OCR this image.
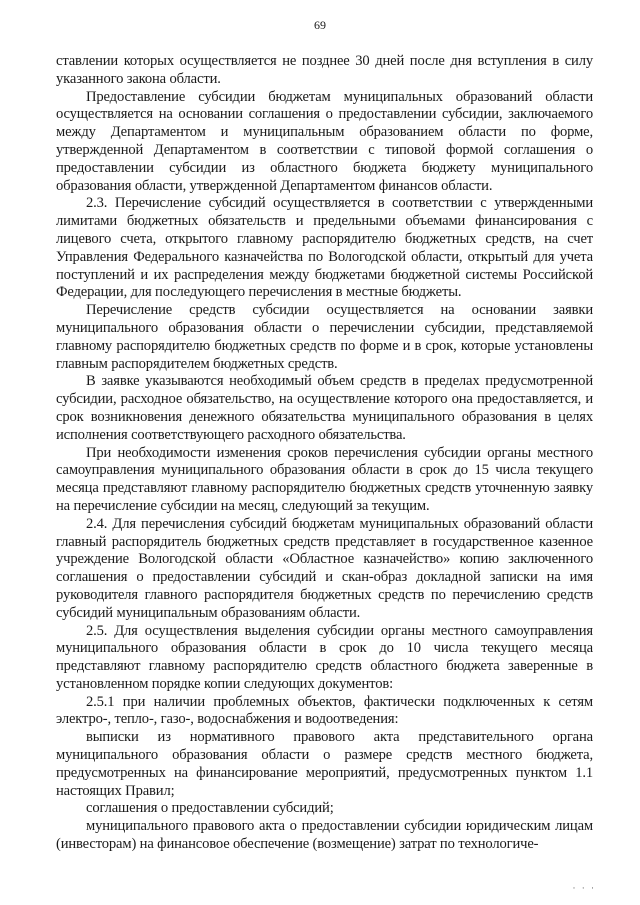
69

ставлении которых осуществляется не позднее 30 дней после дня вступления в силу указанного закона области.

Предоставление субсидии бюджетам муниципальных образований области осуществляется на основании соглашения о предоставлении субсидии, заключаемого между Департаментом и муниципальным образованием области по форме, утвержденной Департаментом в соответствии с типовой формой соглашения о предоставлении субсидии из областного бюджета бюджету муниципального образования области, утвержденной Департаментом финансов области.

2.3. Перечисление субсидий осуществляется в соответствии с утвержденными лимитами бюджетных обязательств и предельными объемами финансирования с лицевого счета, открытого главному распорядителю бюджетных средств, на счет Управления Федерального казначейства по Вологодской области, открытый для учета поступлений и их распределения между бюджетами бюджетной системы Российской Федерации, для последующего перечисления в местные бюджеты.

Перечисление средств субсидии осуществляется на основании заявки муниципального образования области о перечислении субсидии, представляемой главному распорядителю бюджетных средств по форме и в срок, которые установлены главным распорядителем бюджетных средств.

В заявке указываются необходимый объем средств в пределах предусмотренной субсидии, расходное обязательство, на осуществление которого она предоставляется, и срок возникновения денежного обязательства муниципального образования в целях исполнения соответствующего расходного обязательства.

При необходимости изменения сроков перечисления субсидии органы местного самоуправления муниципального образования области в срок до 15 числа текущего месяца представляют главному распорядителю бюджетных средств уточненную заявку на перечисление субсидии на месяц, следующий за текущим.

2.4. Для перечисления субсидий бюджетам муниципальных образований области главный распорядитель бюджетных средств представляет в государственное казенное учреждение Вологодской области «Областное казначейство» копию заключенного соглашения о предоставлении субсидий и скан-образ докладной записки на имя руководителя главного распорядителя бюджетных средств по перечислению средств субсидий муниципальным образованиям области.

2.5. Для осуществления выделения субсидии органы местного самоуправления муниципального образования области в срок до 10 числа текущего месяца представляют главному распорядителю средств областного бюджета заверенные в установленном порядке копии следующих документов:

2.5.1 при наличии проблемных объектов, фактически подключенных к сетям электро-, тепло-, газо-, водоснабжения и водоотведения:

выписки из нормативного правового акта представительного органа муниципального образования области о размере средств местного бюджета, предусмотренных на финансирование мероприятий, предусмотренных пунктом 1.1 настоящих Правил;

соглашения о предоставлении субсидий;

муниципального правового акта о предоставлении субсидии юридическим лицам (инвесторам) на финансовое обеспечение (возмещение) затрат по технологиче-

· · ·
